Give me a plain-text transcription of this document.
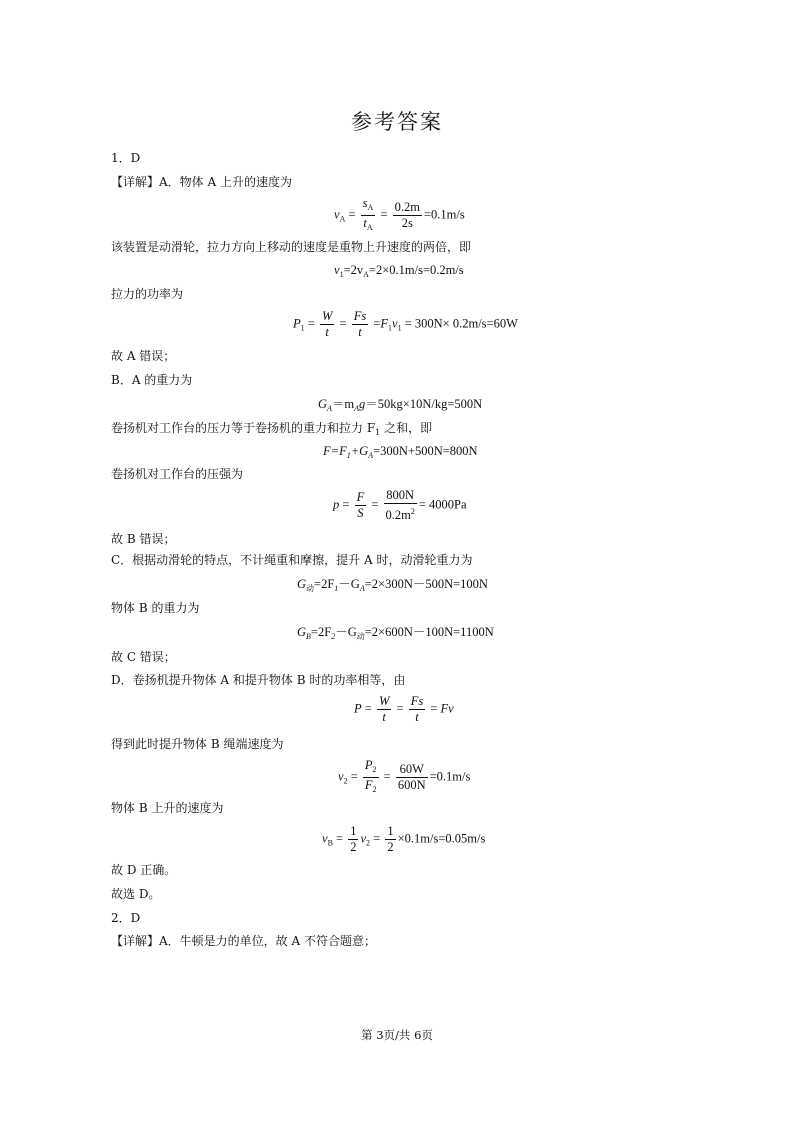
参考答案
1．D
【详解】A．物体 A 上升的速度为
$v_A = \frac{s_A}{t_A} = \frac{0.2m}{2s} =0.1m/s$
该装置是动滑轮，拉力方向上移动的速度是重物上升速度的两倍，即
$v_1=2v_A=2\times 0.1m/s=0.2m/s$
拉力的功率为
$P_1 = \frac{W}{t} = \frac{Fs}{t} =F_1v_1 = 300N\times 0.2m/s=60W$
故 A 错误；
B．A 的重力为
$G_A=m_Ag=50kg\times 10N/kg=500N$
卷扬机对工作台的压力等于卷扬机的重力和拉力 $F_1$ 之和，即
$F=F_1+G_A=300N+500N=800N$
卷扬机对工作台的压强为
$p = \frac{F}{S} = \frac{800N}{0.2m^2} = 4000Pa$
故 B 错误；
C．根据动滑轮的特点，不计绳重和摩擦，提升 A 时，动滑轮重力为
$G_动=2F_1-G_A=2\times 300N-500N=100N$
物体 B 的重力为
$G_B=2F_2-G_动=2\times 600N-100N=1100N$
故 C 错误；
D．卷扬机提升物体 A 和提升物体 B 时的功率相等，由
$P = \frac{W}{t} = \frac{Fs}{t} = Fv$
得到此时提升物体 B 绳端速度为
$v_2 = \frac{P_2}{F_2} = \frac{60W}{600N} =0.1m/s$
物体 B 上升的速度为
$v_B = \frac{1}{2} v_2 = \frac{1}{2} \times 0.1m/s=0.05m/s$
故 D 正确。
故选 D。
2．D
【详解】A．牛顿是力的单位，故 A 不符合题意；
第 3页/共 6页
